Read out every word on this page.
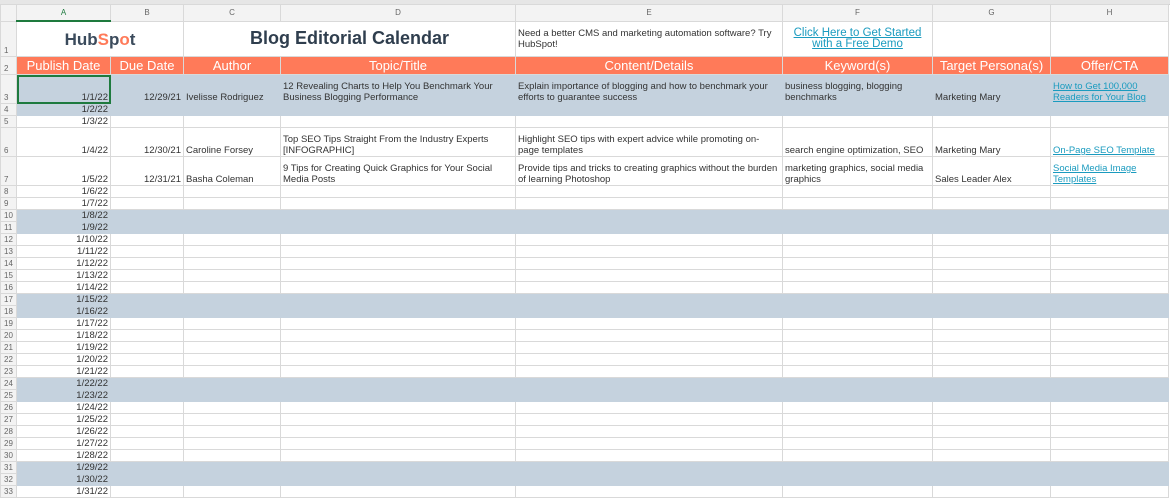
	A	B	C	D	E	F	G	H
1	HubSpot		Blog Editorial Calendar		Need a better CMS and marketing automation software? Try HubSpot!	Click Here to Get Started with a Free Demo		
2	Publish Date	Due Date	Author	Topic/Title	Content/Details	Keyword(s)	Target Persona(s)	Offer/CTA
3	1/1/22	12/29/21	Ivelisse Rodriguez	12 Revealing Charts to Help You Benchmark Your Business Blogging Performance	Explain importance of blogging and how to benchmark your efforts to guarantee success	business blogging, blogging benchmarks	Marketing Mary	How to Get 100,000 Readers for Your Blog
4	1/2/22							
5	1/3/22							
6	1/4/22	12/30/21	Caroline Forsey	Top SEO Tips Straight From the Industry Experts [INFOGRAPHIC]	Highlight SEO tips with expert advice while promoting on-page templates	search engine optimization, SEO	Marketing Mary	On-Page SEO Template
7	1/5/22	12/31/21	Basha Coleman	9 Tips for Creating Quick Graphics for Your Social Media Posts	Provide tips and tricks to creating graphics without the burden of learning Photoshop	marketing graphics, social media graphics	Sales Leader Alex	Social Media Image Templates
8	1/6/22							
9	1/7/22							
10	1/8/22							
11	1/9/22							
12	1/10/22							
13	1/11/22							
14	1/12/22							
15	1/13/22							
16	1/14/22							
17	1/15/22							
18	1/16/22							
19	1/17/22							
20	1/18/22							
21	1/19/22							
22	1/20/22							
23	1/21/22							
24	1/22/22							
25	1/23/22							
26	1/24/22							
27	1/25/22							
28	1/26/22							
29	1/27/22							
30	1/28/22							
31	1/29/22							
32	1/30/22							
33	1/31/22							
